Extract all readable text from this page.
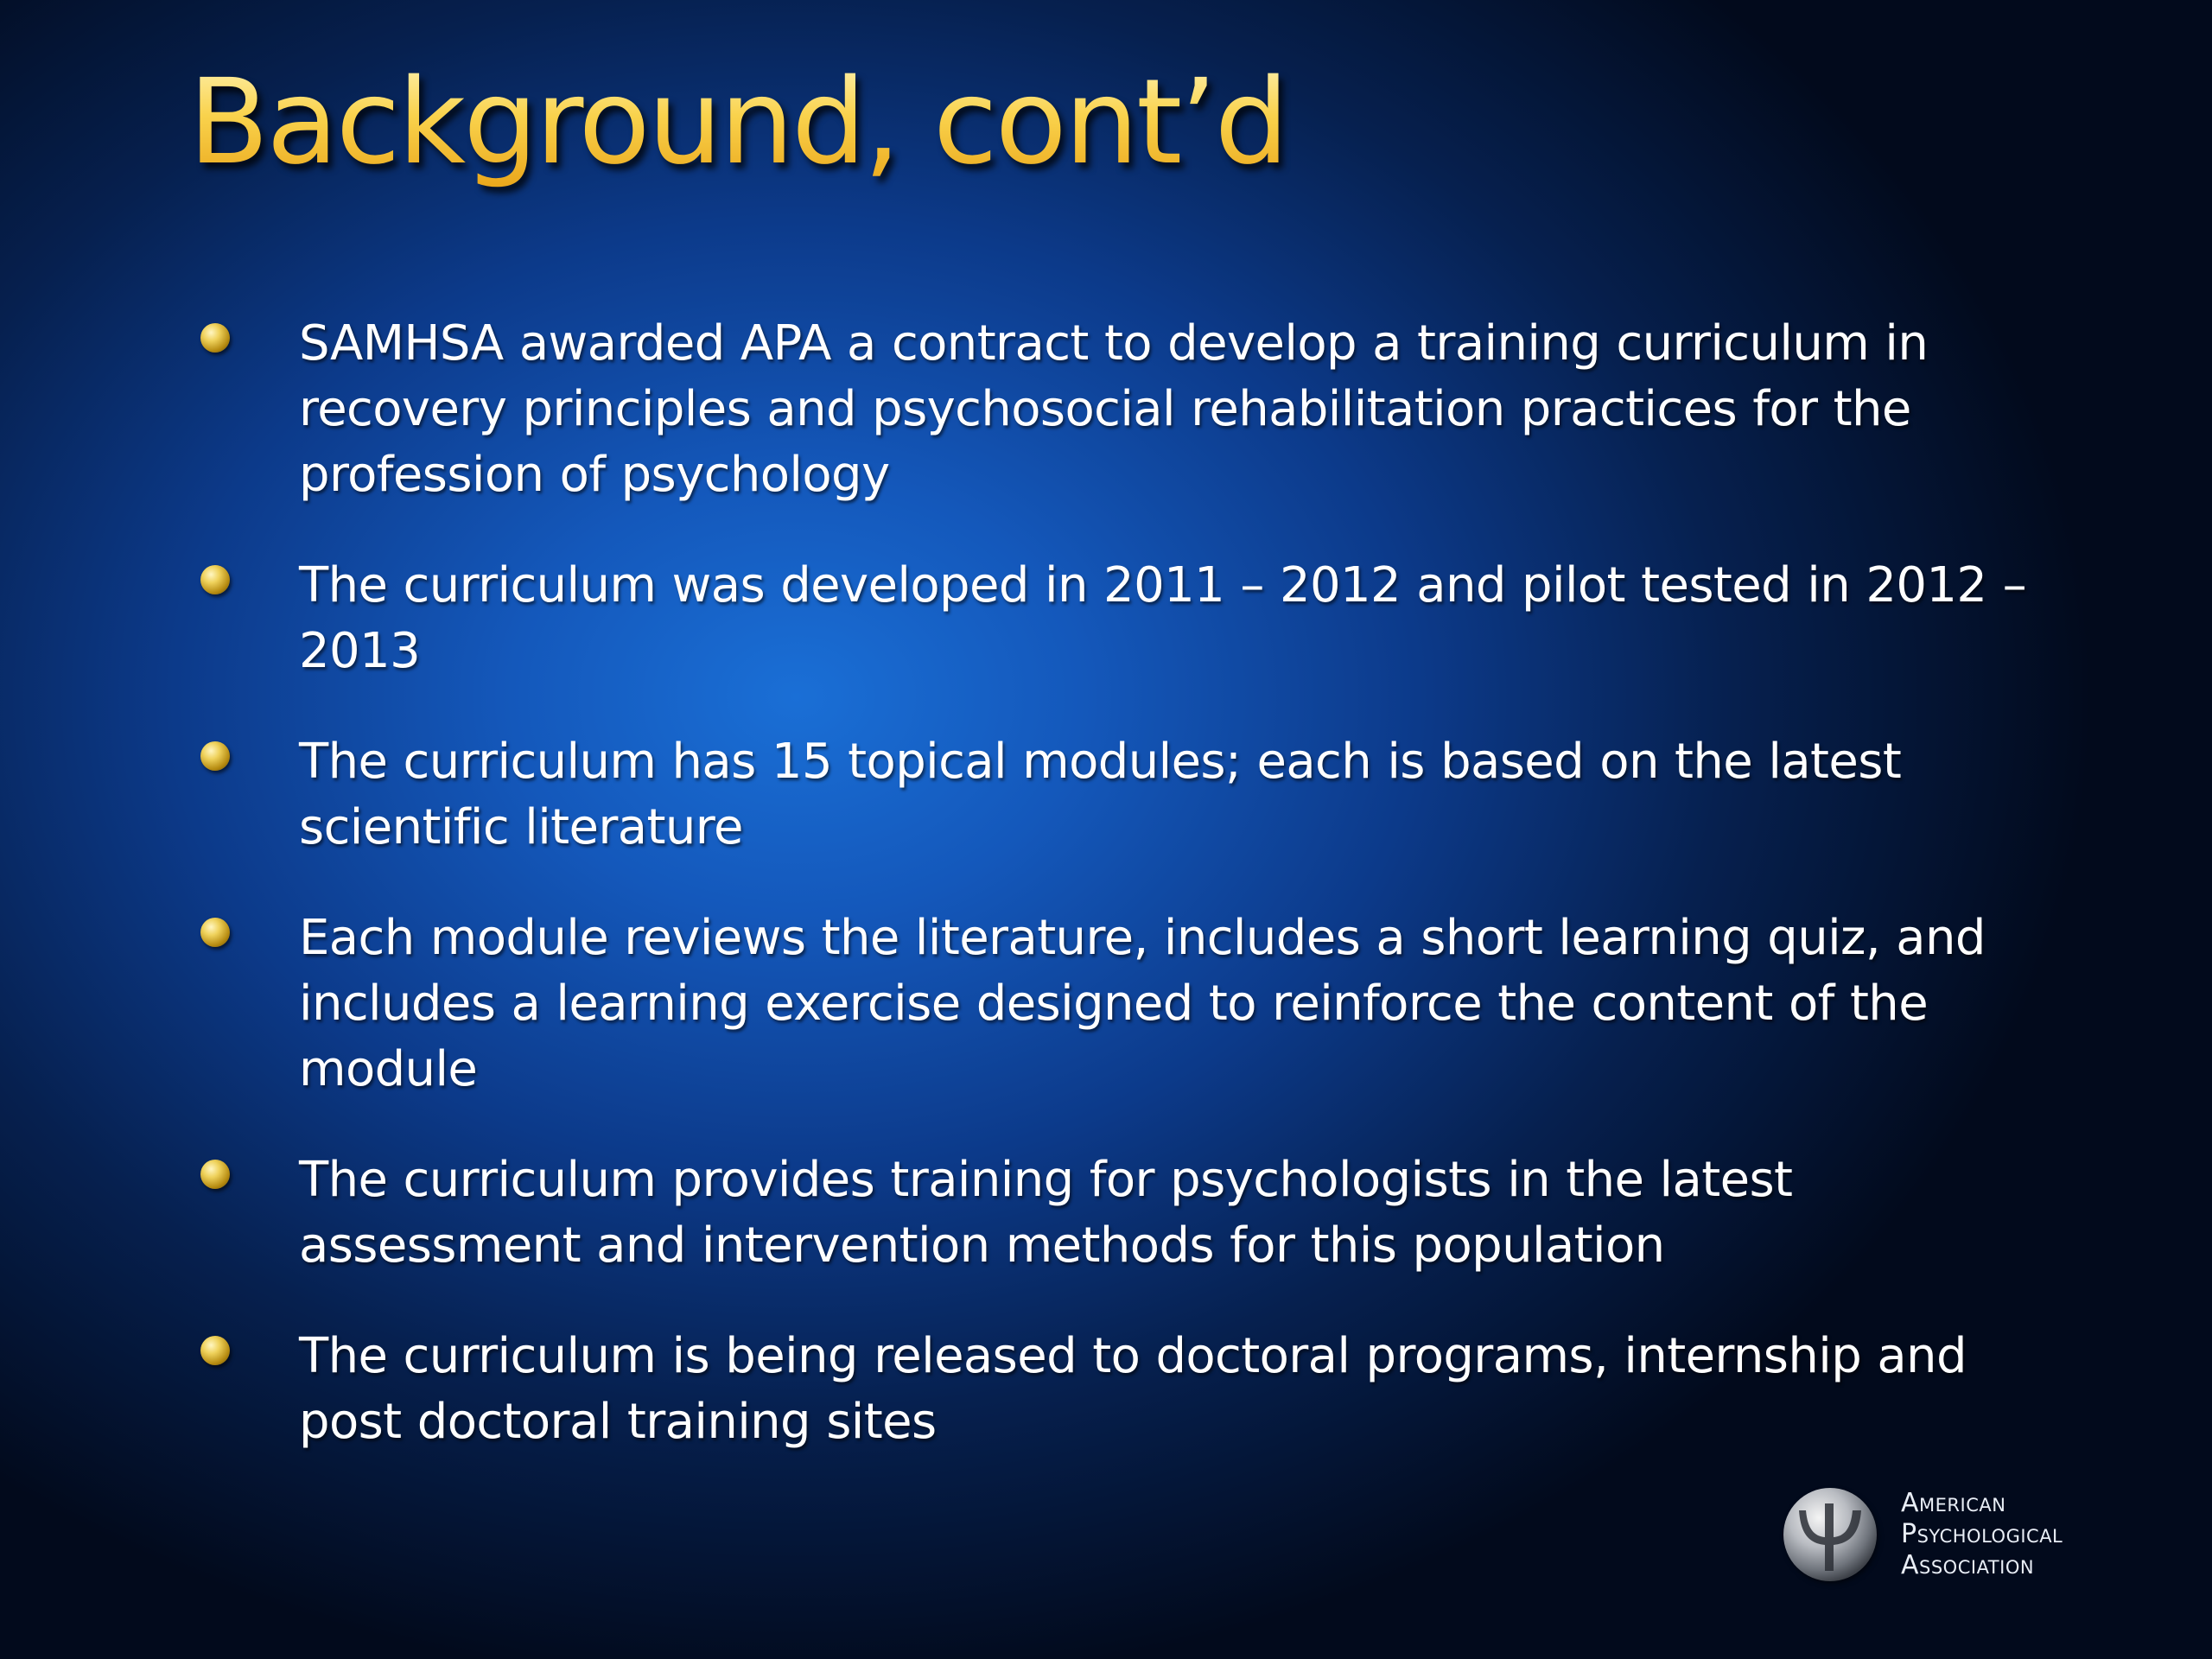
Background, cont’d
SAMHSA awarded APA a contract to develop a training curriculum in recovery principles and psychosocial rehabilitation practices for the profession of psychology
The curriculum was developed in 2011 – 2012 and pilot tested in 2012 – 2013
The curriculum has 15 topical modules; each is based on the latest scientific literature
Each module reviews the literature, includes a short learning quiz, and includes a learning exercise designed to reinforce the content of the module
The curriculum provides training for psychologists in the latest assessment and intervention methods for this population
The curriculum is being released to doctoral programs, internship and post doctoral training sites
American
Psychological
Association
